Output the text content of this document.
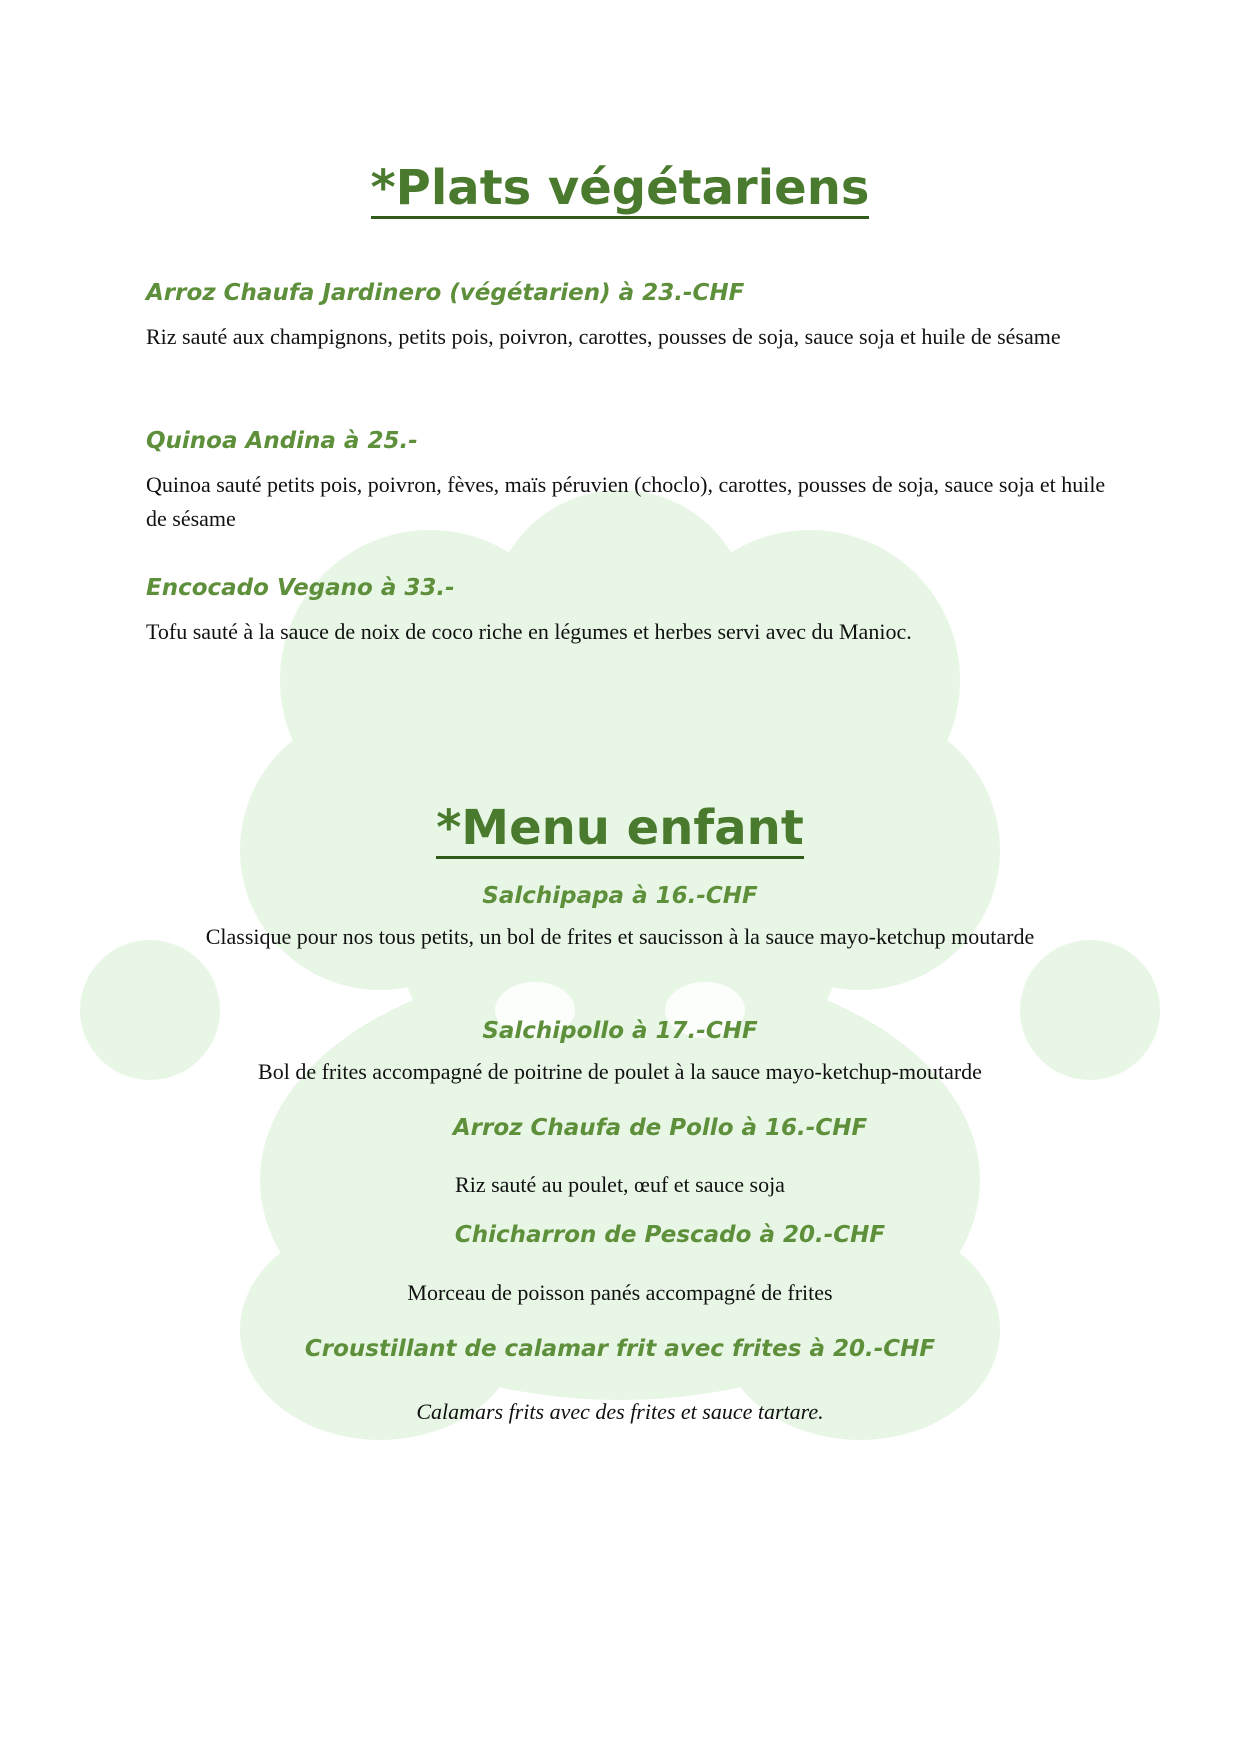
*Plats végétariens

Arroz Chaufa Jardinero (végétarien) à 23.-CHF

Riz sauté aux champignons, petits pois, poivron, carottes, pousses de soja, sauce soja et huile de sésame

Quinoa Andina à 25.-

Quinoa sauté petits pois, poivron, fèves, maïs péruvien (choclo), carottes, pousses de soja, sauce soja et huile de sésame

Encocado Vegano à 33.-

Tofu sauté à la sauce de noix de coco riche en légumes et herbes servi avec du Manioc.

*Menu enfant

Salchipapa à 16.-CHF

Classique pour nos tous petits, un bol de frites et saucisson à la sauce mayo-ketchup moutarde

Salchipollo à 17.-CHF

Bol de frites accompagné de poitrine de poulet à la sauce mayo-ketchup-moutarde

Arroz Chaufa de Pollo à 16.-CHF

Riz sauté au poulet, œuf et sauce soja

Chicharron de Pescado à 20.-CHF

Morceau de poisson panés accompagné de frites

Croustillant de calamar frit avec frites à 20.-CHF

Calamars frits avec des frites et sauce tartare.
